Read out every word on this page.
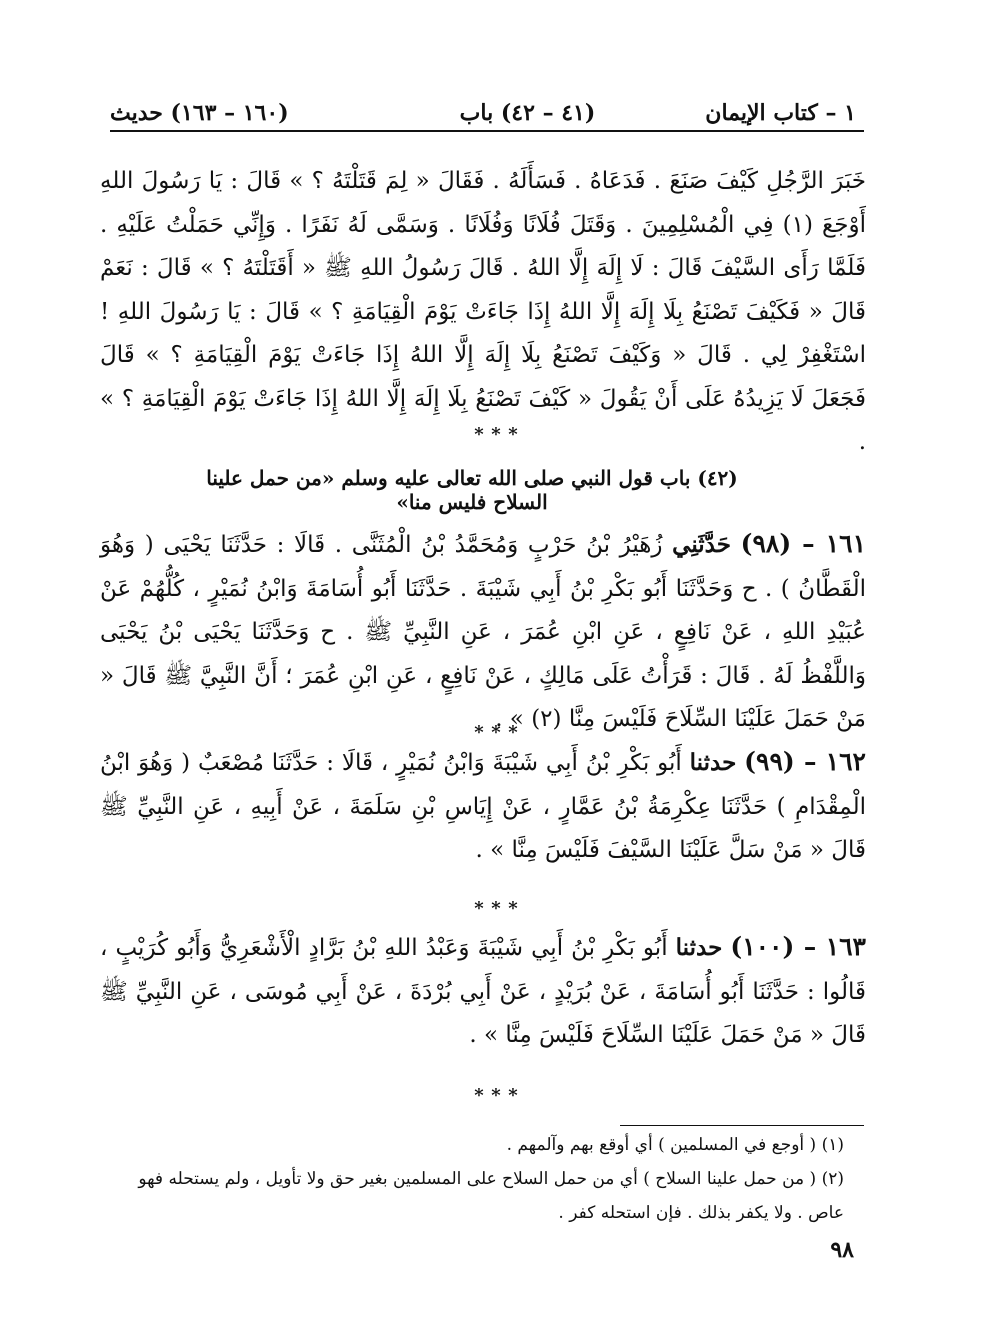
١ – كتاب الإيمان
(٤١ – ٤٢) باب
(١٦٠ – ١٦٣) حديث
خَبَرَ الرَّجُلِ كَيْفَ صَنَعَ . فَدَعَاهُ . فَسَأَلَهُ . فَقَالَ « لِمَ قَتَلْتَهُ ؟ » قَالَ : يَا رَسُولَ اللهِ أَوْجَعَ (١) فِي الْمُسْلِمِينَ . وَقَتَلَ فُلَانًا وَفُلَانًا . وَسَمَّى لَهُ نَفَرًا . وَإِنِّي حَمَلْتُ عَلَيْهِ . فَلَمَّا رَأَى السَّيْفَ قَالَ : لَا إِلَهَ إِلَّا اللهُ . قَالَ رَسُولُ اللهِ ﷺ « أَقَتَلْتَهُ ؟ » قَالَ : نَعَمْ قَالَ « فَكَيْفَ تَصْنَعُ بِلَا إِلَهَ إِلَّا اللهُ إِذَا جَاءَتْ يَوْمَ الْقِيَامَةِ ؟ » قَالَ : يَا رَسُولَ اللهِ ! اسْتَغْفِرْ لِي . قَالَ « وَكَيْفَ تَصْنَعُ بِلَا إِلَهَ إِلَّا اللهُ إِذَا جَاءَتْ يَوْمَ الْقِيَامَةِ ؟ » قَالَ فَجَعَلَ لَا يَزِيدُهُ عَلَى أَنْ يَقُولَ « كَيْفَ تَصْنَعُ بِلَا إِلَهَ إِلَّا اللهُ إِذَا جَاءَتْ يَوْمَ الْقِيَامَةِ ؟ » .
* * *
(٤٢) باب قول النبي صلى الله تعالى عليه وسلم «من حمل علينا السلاح فليس منا»
١٦١ – (٩٨) حَدَّثَنِي زُهَيْرُ بْنُ حَرْبٍ وَمُحَمَّدُ بْنُ الْمُثَنَّى . قَالَا : حَدَّثَنَا يَحْيَى ( وَهُوَ الْقَطَّانُ ) . ح وَحَدَّثَنَا أَبُو بَكْرِ بْنُ أَبِي شَيْبَةَ . حَدَّثَنَا أَبُو أُسَامَةَ وَابْنُ نُمَيْرٍ ، كُلُّهُمْ عَنْ عُبَيْدِ اللهِ ، عَنْ نَافِعٍ ، عَنِ ابْنِ عُمَرَ ، عَنِ النَّبِيِّ ﷺ . ح وَحَدَّثَنَا يَحْيَى بْنُ يَحْيَى وَاللَّفْظُ لَهُ . قَالَ : قَرَأْتُ عَلَى مَالِكٍ ، عَنْ نَافِعٍ ، عَنِ ابْنِ عُمَرَ ؛ أَنَّ النَّبِيَّ ﷺ قَالَ « مَنْ حَمَلَ عَلَيْنَا السِّلَاحَ فَلَيْسَ مِنَّا (٢) » .
* * *
١٦٢ – (٩٩) حدثنا أَبُو بَكْرِ بْنُ أَبِي شَيْبَةَ وَابْنُ نُمَيْرٍ ، قَالَا : حَدَّثَنَا مُصْعَبٌ ( وَهُوَ ابْنُ الْمِقْدَامِ ) حَدَّثَنَا عِكْرِمَةُ بْنُ عَمَّارٍ ، عَنْ إِيَاسِ بْنِ سَلَمَةَ ، عَنْ أَبِيهِ ، عَنِ النَّبِيِّ ﷺ قَالَ « مَنْ سَلَّ عَلَيْنَا السَّيْفَ فَلَيْسَ مِنَّا » .
* * *
١٦٣ – (١٠٠) حدثنا أَبُو بَكْرِ بْنُ أَبِي شَيْبَةَ وَعَبْدُ اللهِ بْنُ بَرَّادٍ الْأَشْعَرِيُّ وَأَبُو كُرَيْبٍ ، قَالُوا : حَدَّثَنَا أَبُو أُسَامَةَ ، عَنْ بُرَيْدٍ ، عَنْ أَبِي بُرْدَةَ ، عَنْ أَبِي مُوسَى ، عَنِ النَّبِيِّ ﷺ قَالَ « مَنْ حَمَلَ عَلَيْنَا السِّلَاحَ فَلَيْسَ مِنَّا » .
* * *
(١) ( أوجع في المسلمين ) أي أوقع بهم وآلمهم .
(٢) ( من حمل علينا السلاح ) أي من حمل السلاح على المسلمين بغير حق ولا تأويل ، ولم يستحله فهو عاص . ولا يكفر بذلك . فإن استحله كفر .
٩٨
